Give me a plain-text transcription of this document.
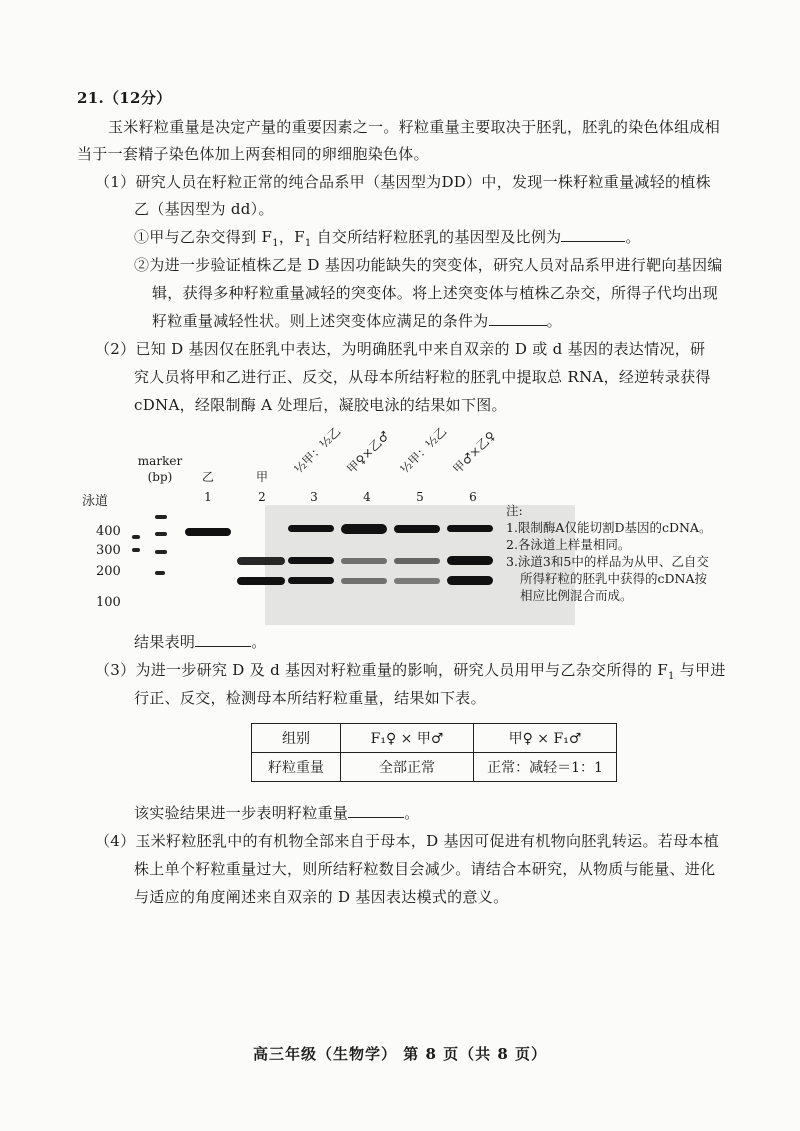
21.（12分）
玉米籽粒重量是决定产量的重要因素之一。籽粒重量主要取决于胚乳，胚乳的染色体组成相
当于一套精子染色体加上两套相同的卵细胞染色体。
（1）研究人员在籽粒正常的纯合品系甲（基因型为DD）中，发现一株籽粒重量减轻的植株
乙（基因型为 dd）。
①甲与乙杂交得到 $F_1$，$F_1$ 自交所结籽粒胚乳的基因型及比例为	。
②为进一步验证植株乙是 D 基因功能缺失的突变体，研究人员对品系甲进行靶向基因编
辑，获得多种籽粒重量减轻的突变体。将上述突变体与植株乙杂交，所得子代均出现
籽粒重量减轻性状。则上述突变体应满足的条件为	。
（2）已知 D 基因仅在胚乳中表达，为明确胚乳中来自双亲的 D 或 d 基因的表达情况，研
究人员将甲和乙进行正、反交，从母本所结籽粒的胚乳中提取总 RNA，经逆转录获得
cDNA，经限制酶 A 处理后，凝胶电泳的结果如下图。
marker
(bp)
泳道
乙	甲
½甲：½乙 甲♀×乙♂ ½甲：½乙 甲♂×乙♀
1	2	3	4	5	6
400
300
200
100
注:
1.限制酶A仅能切割D基因的cDNA。
2.各泳道上样量相同。
3.泳道3和5中的样品为从甲、乙自交
所得籽粒的胚乳中获得的cDNA按
相应比例混合而成。
结果表明	。
（3）为进一步研究 D 及 d 基因对籽粒重量的影响，研究人员用甲与乙杂交所得的 $F_1$ 与甲进
行正、反交，检测母本所结籽粒重量，结果如下表。
组别	F₁♀ × 甲♂	甲♀ × F₁♂
籽粒重量	全部正常	正常：减轻＝1：1
该实验结果进一步表明籽粒重量	。
（4）玉米籽粒胚乳中的有机物全部来自于母本，D 基因可促进有机物向胚乳转运。若母本植
株上单个籽粒重量过大，则所结籽粒数目会减少。请结合本研究，从物质与能量、进化
与适应的角度阐述来自双亲的 D 基因表达模式的意义。
高三年级（生物学） 第 8 页（共 8 页）
